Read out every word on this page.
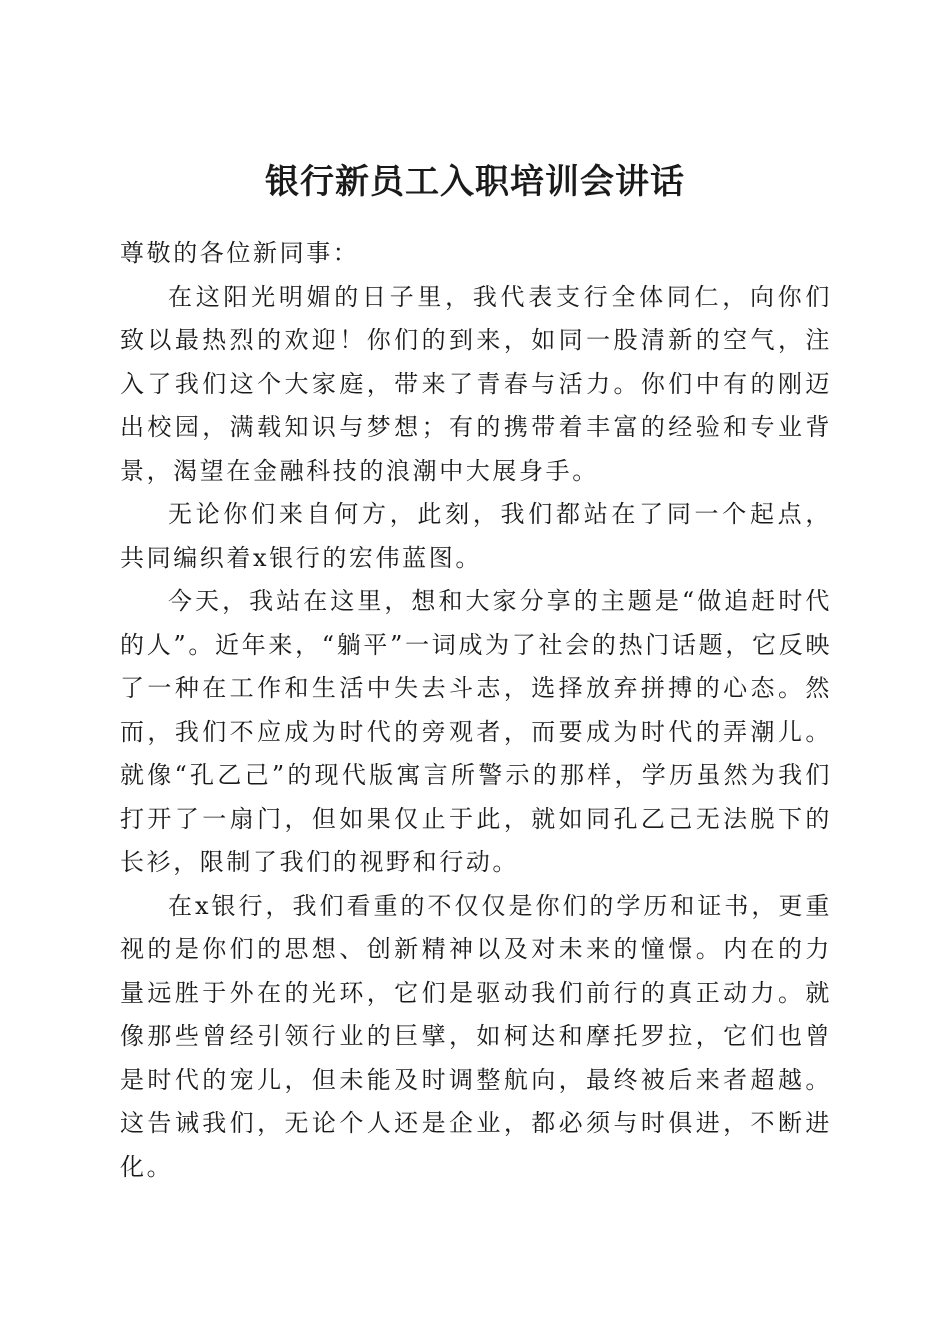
银行新员工入职培训会讲话

尊敬的各位新同事：

在这阳光明媚的日子里，我代表支行全体同仁，向你们致以最热烈的欢迎！你们的到来，如同一股清新的空气，注入了我们这个大家庭，带来了青春与活力。你们中有的刚迈出校园，满载知识与梦想；有的携带着丰富的经验和专业背景，渴望在金融科技的浪潮中大展身手。

无论你们来自何方，此刻，我们都站在了同一个起点，共同编织着x银行的宏伟蓝图。

今天，我站在这里，想和大家分享的主题是“做追赶时代的人”。近年来，“躺平”一词成为了社会的热门话题，它反映了一种在工作和生活中失去斗志，选择放弃拼搏的心态。然而，我们不应成为时代的旁观者，而要成为时代的弄潮儿。就像“孔乙己”的现代版寓言所警示的那样，学历虽然为我们打开了一扇门，但如果仅止于此，就如同孔乙己无法脱下的长衫，限制了我们的视野和行动。

在x银行，我们看重的不仅仅是你们的学历和证书，更重视的是你们的思想、创新精神以及对未来的憧憬。内在的力量远胜于外在的光环，它们是驱动我们前行的真正动力。就像那些曾经引领行业的巨擘，如柯达和摩托罗拉，它们也曾是时代的宠儿，但未能及时调整航向，最终被后来者超越。这告诫我们，无论个人还是企业，都必须与时俱进，不断进化。
